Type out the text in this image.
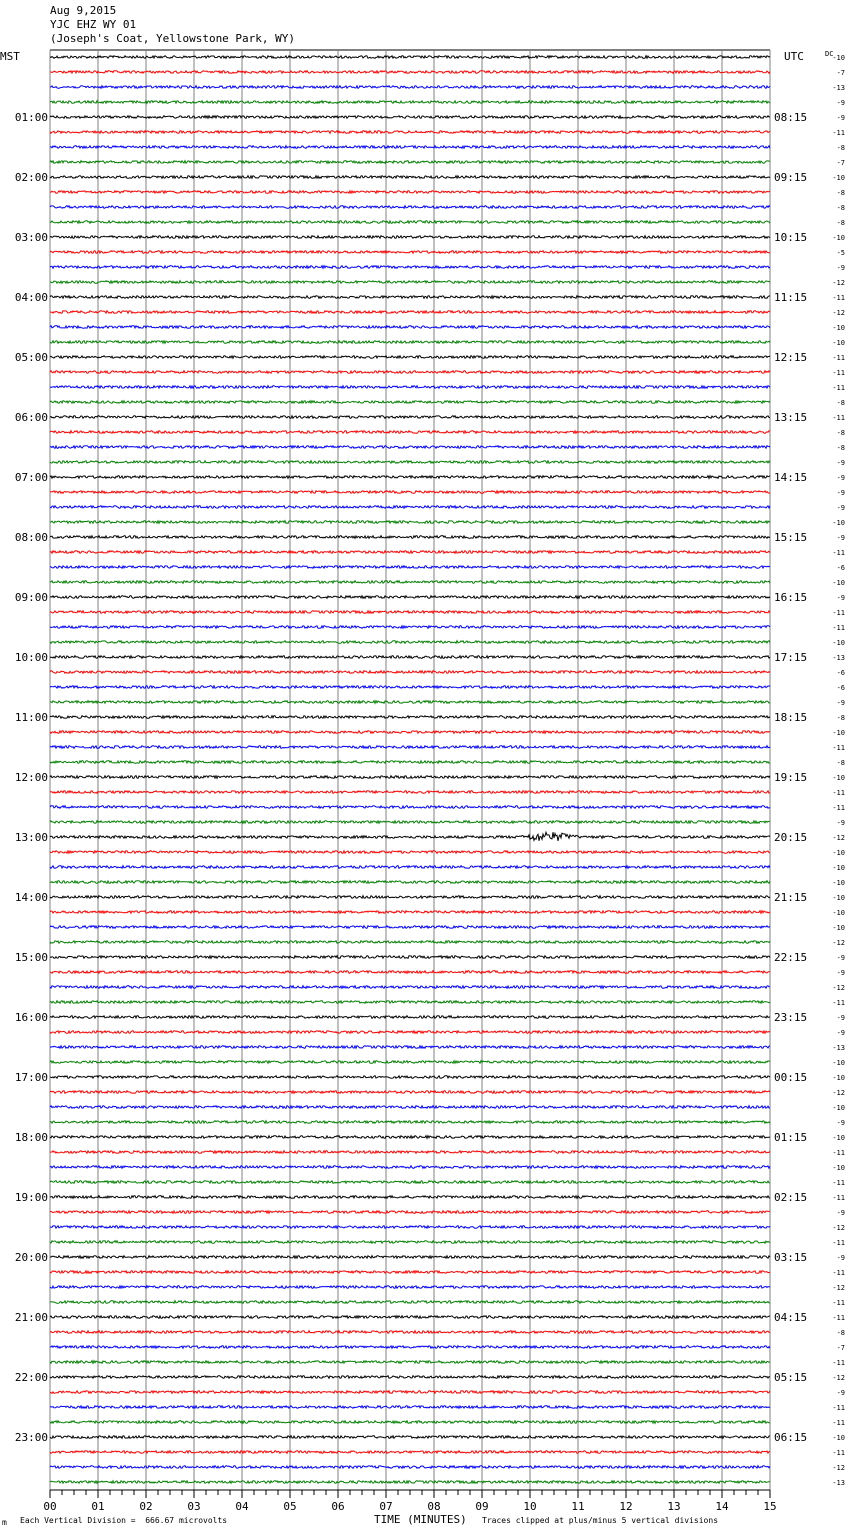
Aug 9,2015
YJC EHZ WY 01
(Joseph's Coat, Yellowstone Park, WY)
MST	UTC	DC
-10
-7
-13
-9
-9
-11
-8
-7
-10
-8
-8
-8
-10
-5
-9
-12
-11
-12
-10
-10
-11
-11
-11
-8
-11
-8
-8
-9
-9
-9
-9
-10
-9
-11
-6
-10
-9
-11
-11
-10
-13
-6
-6
-9
-8
-10
-11
-8
-10
-11
-11
-9
-12
-10
-10
-10
-10
-10
-10
-12
-9
-9
-12
-11
-9
-9
-13
-10
-10
-12
-10
-9
-10
-11
-10
-11
-11
-9
-12
-11
-9
-11
-12
-11
-11
-8
-7
-11
-12
-9
-11
-11
-10
-11
-12
-13
01:00
02:00
03:00
04:00
05:00
06:00
07:00
08:00
09:00
10:00
11:00
12:00
13:00
14:00
15:00
16:00
17:00
18:00
19:00
20:00
21:00
22:00
23:00
08:15
09:15
10:15
11:15
12:15
13:15
14:15
15:15
16:15
17:15
18:15
19:15
20:15
21:15
22:15
23:15
00:15
01:15
02:15
03:15
04:15
05:15
06:15
00	01	02	03	04	05	06	07	08	09	10	11	12	13	14	15
m Each Vertical Division =  666.67 microvolts	TIME (MINUTES) Traces clipped at plus/minus 5 vertical divisions
